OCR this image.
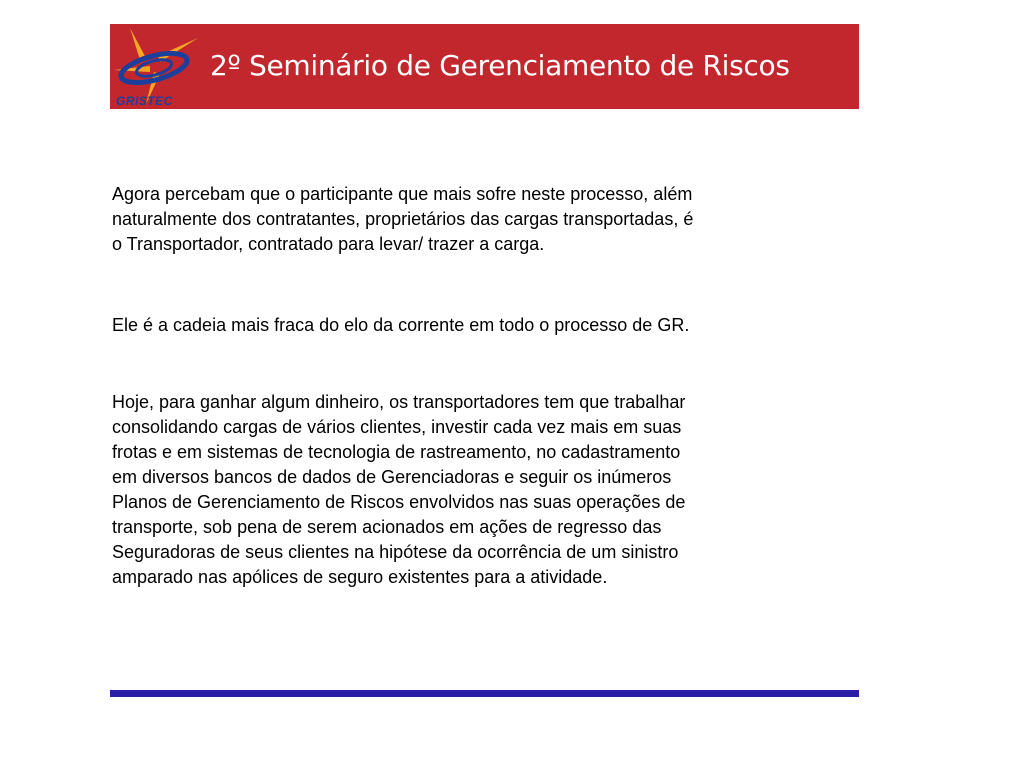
GRISTEC
2º Seminário de Gerenciamento de Riscos

Agora percebam que o participante que mais sofre neste processo, além
naturalmente dos contratantes, proprietários das cargas transportadas, é
o Transportador, contratado para levar/ trazer a carga.

Ele é a cadeia mais fraca do elo da corrente em todo o processo de GR.

Hoje, para ganhar algum dinheiro, os transportadores tem que trabalhar
consolidando cargas de vários clientes, investir cada vez mais em suas
frotas e em sistemas de tecnologia de rastreamento, no cadastramento
em diversos bancos de dados de Gerenciadoras e seguir os inúmeros
Planos de Gerenciamento de Riscos envolvidos nas suas operações de
transporte, sob pena de serem acionados em ações de regresso das
Seguradoras de seus clientes na hipótese da ocorrência de um sinistro
amparado nas apólices de seguro existentes para a atividade.
